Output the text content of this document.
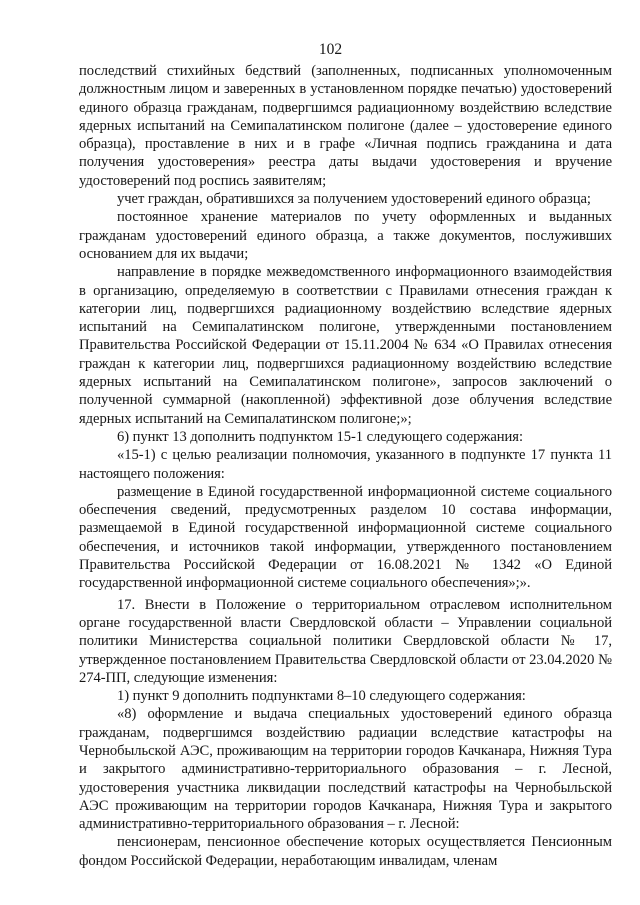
102

последствий стихийных бедствий (заполненных, подписанных уполномоченным должностным лицом и заверенных в установленном порядке печатью) удостоверений единого образца гражданам, подвергшимся радиационному воздействию вследствие ядерных испытаний на Семипалатинском полигоне (далее – удостоверение единого образца), проставление в них и в графе «Личная подпись гражданина и дата получения удостоверения» реестра даты выдачи удостоверения и вручение удостоверений под роспись заявителям;

учет граждан, обратившихся за получением удостоверений единого образца;

постоянное хранение материалов по учету оформленных и выданных гражданам удостоверений единого образца, а также документов, послуживших основанием для их выдачи;

направление в порядке межведомственного информационного взаимодействия в организацию, определяемую в соответствии с Правилами отнесения граждан к категории лиц, подвергшихся радиационному воздействию вследствие ядерных испытаний на Семипалатинском полигоне, утвержденными постановлением Правительства Российской Федерации от 15.11.2004 № 634 «О Правилах отнесения граждан к категории лиц, подвергшихся радиационному воздействию вследствие ядерных испытаний на Семипалатинском полигоне», запросов заключений о полученной суммарной (накопленной) эффективной дозе облучения вследствие ядерных испытаний на Семипалатинском полигоне;»;

6) пункт 13 дополнить подпунктом 15-1 следующего содержания:

«15-1) с целью реализации полномочия, указанного в подпункте 17 пункта 11 настоящего положения:

размещение в Единой государственной информационной системе социального обеспечения сведений, предусмотренных разделом 10 состава информации, размещаемой в Единой государственной информационной системе социального обеспечения, и источников такой информации, утвержденного постановлением Правительства Российской Федерации от 16.08.2021 № 1342 «О Единой государственной информационной системе социального обеспечения»;».

17. Внести в Положение о территориальном отраслевом исполнительном органе государственной власти Свердловской области – Управлении социальной политики Министерства социальной политики Свердловской области № 17, утвержденное постановлением Правительства Свердловской области от 23.04.2020 № 274-ПП, следующие изменения:

1) пункт 9 дополнить подпунктами 8–10 следующего содержания:

«8) оформление и выдача специальных удостоверений единого образца гражданам, подвергшимся воздействию радиации вследствие катастрофы на Чернобыльской АЭС, проживающим на территории городов Качканара, Нижняя Тура и закрытого административно-территориального образования – г. Лесной, удостоверения участника ликвидации последствий катастрофы на Чернобыльской АЭС проживающим на территории городов Качканара, Нижняя Тура и закрытого административно-территориального образования – г. Лесной:

пенсионерам, пенсионное обеспечение которых осуществляется Пенсионным фондом Российской Федерации, неработающим инвалидам, членам
